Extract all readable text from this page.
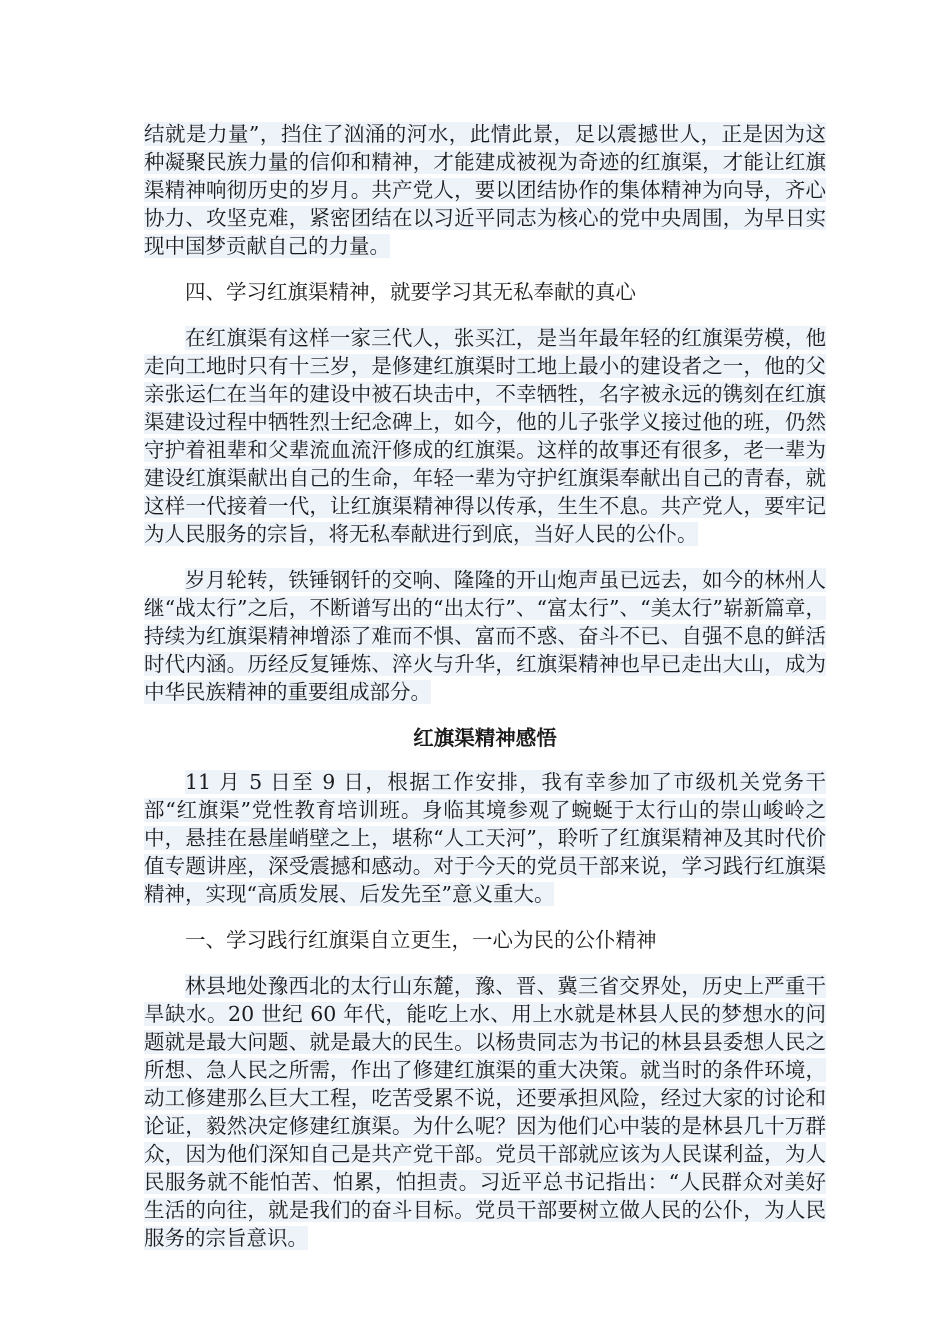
结就是力量”，挡住了汹涌的河水，此情此景，足以震撼世人，正是因为这种凝聚民族力量的信仰和精神，才能建成被视为奇迹的红旗渠，才能让红旗渠精神响彻历史的岁月。共产党人，要以团结协作的集体精神为向导，齐心协力、攻坚克难，紧密团结在以习近平同志为核心的党中央周围，为早日实现中国梦贡献自己的力量。

四、学习红旗渠精神，就要学习其无私奉献的真心

在红旗渠有这样一家三代人，张买江，是当年最年轻的红旗渠劳模，他走向工地时只有十三岁，是修建红旗渠时工地上最小的建设者之一，他的父亲张运仁在当年的建设中被石块击中，不幸牺牲，名字被永远的镌刻在红旗渠建设过程中牺牲烈士纪念碑上，如今，他的儿子张学义接过他的班，仍然守护着祖辈和父辈流血流汗修成的红旗渠。这样的故事还有很多，老一辈为建设红旗渠献出自己的生命，年轻一辈为守护红旗渠奉献出自己的青春，就这样一代接着一代，让红旗渠精神得以传承，生生不息。共产党人，要牢记为人民服务的宗旨，将无私奉献进行到底，当好人民的公仆。

岁月轮转，铁锤钢钎的交响、隆隆的开山炮声虽已远去，如今的林州人继“战太行”之后，不断谱写出的“出太行”、“富太行”、“美太行”崭新篇章，持续为红旗渠精神增添了难而不惧、富而不惑、奋斗不已、自强不息的鲜活时代内涵。历经反复锤炼、淬火与升华，红旗渠精神也早已走出大山，成为中华民族精神的重要组成部分。

红旗渠精神感悟

11 月 5 日至 9 日，根据工作安排，我有幸参加了市级机关党务干部“红旗渠”党性教育培训班。身临其境参观了蜿蜒于太行山的崇山峻岭之中，悬挂在悬崖峭壁之上，堪称“人工天河”，聆听了红旗渠精神及其时代价值专题讲座，深受震撼和感动。对于今天的党员干部来说，学习践行红旗渠精神，实现“高质发展、后发先至”意义重大。

一、学习践行红旗渠自立更生，一心为民的公仆精神

林县地处豫西北的太行山东麓，豫、晋、冀三省交界处，历史上严重干旱缺水。20 世纪 60 年代，能吃上水、用上水就是林县人民的梦想水的问题就是最大问题、就是最大的民生。以杨贵同志为书记的林县县委想人民之所想、急人民之所需，作出了修建红旗渠的重大决策。就当时的条件环境，动工修建那么巨大工程，吃苦受累不说，还要承担风险，经过大家的讨论和论证，毅然决定修建红旗渠。为什么呢？因为他们心中装的是林县几十万群众，因为他们深知自己是共产党干部。党员干部就应该为人民谋利益，为人民服务就不能怕苦、怕累，怕担责。习近平总书记指出：“人民群众对美好生活的向往，就是我们的奋斗目标。党员干部要树立做人民的公仆，为人民服务的宗旨意识。
